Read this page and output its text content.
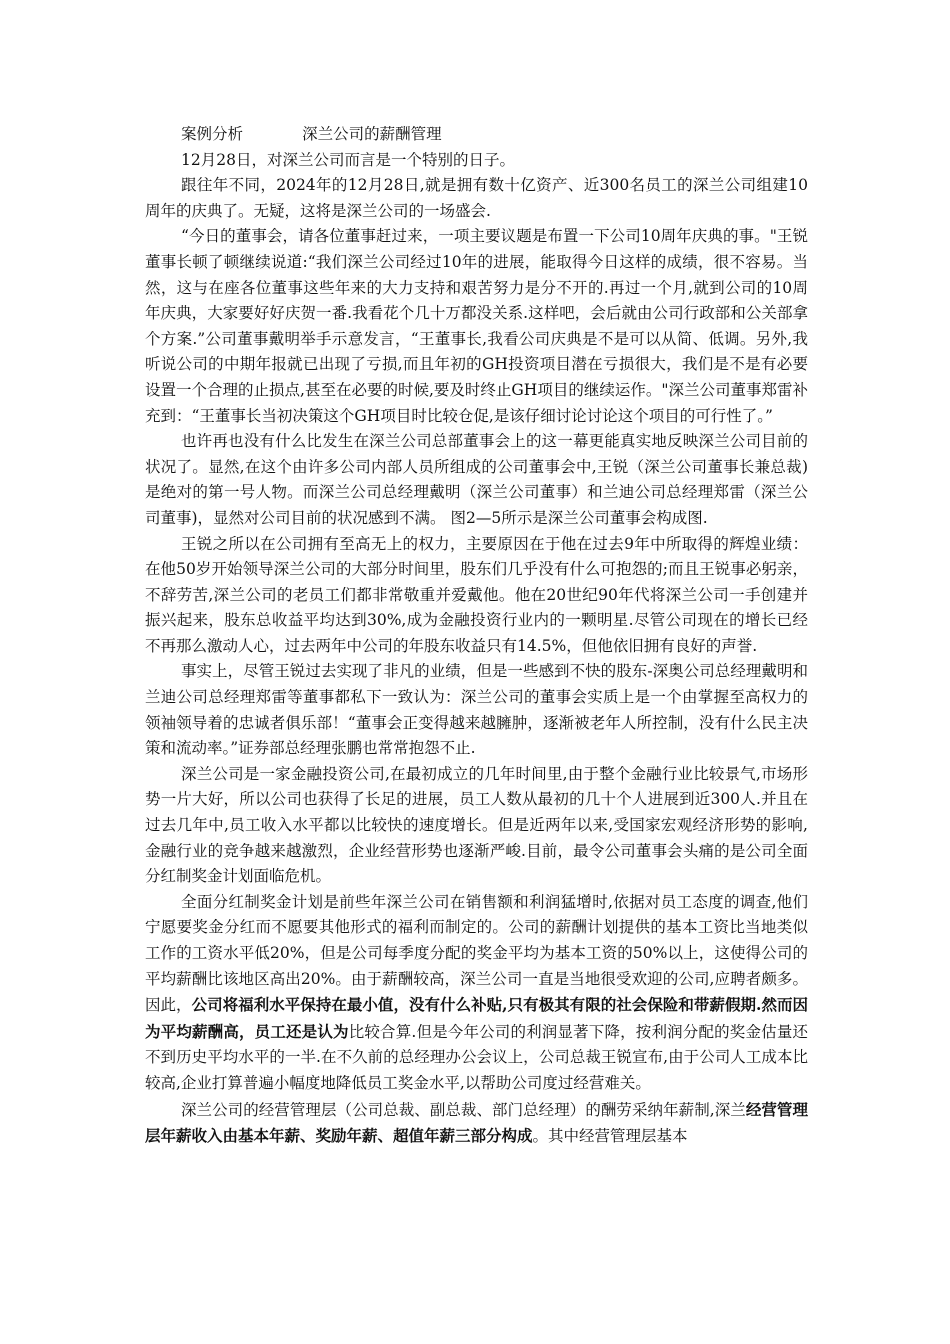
案例分析	深兰公司的薪酬管理

12月28日，对深兰公司而言是一个特别的日子。

跟往年不同，2024年的12月28日,就是拥有数十亿资产、近300名员工的深兰公司组建10周年的庆典了。无疑，这将是深兰公司的一场盛会.

“今日的董事会，请各位董事赶过来，一项主要议题是布置一下公司10周年庆典的事。"王锐董事长顿了顿继续说道:“我们深兰公司经过10年的进展，能取得今日这样的成绩，很不容易。当然，这与在座各位董事这些年来的大力支持和艰苦努力是分不开的.再过一个月,就到公司的10周年庆典，大家要好好庆贺一番.我看花个几十万都没关系.这样吧，会后就由公司行政部和公关部拿个方案.”公司董事戴明举手示意发言，“王董事长,我看公司庆典是不是可以从简、低调。另外,我听说公司的中期年报就已出现了亏损,而且年初的GH投资项目潜在亏损很大，我们是不是有必要设置一个合理的止损点,甚至在必要的时候,要及时终止GH项目的继续运作。"深兰公司董事郑雷补充到：“王董事长当初决策这个GH项目时比较仓促,是该仔细讨论讨论这个项目的可行性了。”

也许再也没有什么比发生在深兰公司总部董事会上的这一幕更能真实地反映深兰公司目前的状况了。显然,在这个由许多公司内部人员所组成的公司董事会中,王锐（深兰公司董事长兼总裁)是绝对的第一号人物。而深兰公司总经理戴明（深兰公司董事）和兰迪公司总经理郑雷（深兰公司董事)，显然对公司目前的状况感到不满。 图2—5所示是深兰公司董事会构成图.

王锐之所以在公司拥有至高无上的权力，主要原因在于他在过去9年中所取得的辉煌业绩：在他50岁开始领导深兰公司的大部分时间里，股东们几乎没有什么可抱怨的;而且王锐事必躬亲，不辞劳苦,深兰公司的老员工们都非常敬重并爱戴他。他在20世纪90年代将深兰公司一手创建并振兴起来，股东总收益平均达到30%,成为金融投资行业内的一颗明星.尽管公司现在的增长已经不再那么激动人心，过去两年中公司的年股东收益只有14.5%，但他依旧拥有良好的声誉.

事实上，尽管王锐过去实现了非凡的业绩，但是一些感到不快的股东-深奥公司总经理戴明和兰迪公司总经理郑雷等董事都私下一致认为：深兰公司的董事会实质上是一个由掌握至高权力的领袖领导着的忠诚者俱乐部！“董事会正变得越来越臃肿，逐渐被老年人所控制，没有什么民主决策和流动率。”证券部总经理张鹏也常常抱怨不止.

深兰公司是一家金融投资公司,在最初成立的几年时间里,由于整个金融行业比较景气,市场形势一片大好，所以公司也获得了长足的进展，员工人数从最初的几十个人进展到近300人.并且在过去几年中,员工收入水平都以比较快的速度增长。但是近两年以来,受国家宏观经济形势的影响,金融行业的竞争越来越激烈，企业经营形势也逐渐严峻.目前，最令公司董事会头痛的是公司全面分红制奖金计划面临危机。

全面分红制奖金计划是前些年深兰公司在销售额和利润猛增时,依据对员工态度的调查,他们宁愿要奖金分红而不愿要其他形式的福利而制定的。公司的薪酬计划提供的基本工资比当地类似工作的工资水平低20%，但是公司每季度分配的奖金平均为基本工资的50%以上，这使得公司的平均薪酬比该地区高出20%。由于薪酬较高，深兰公司一直是当地很受欢迎的公司,应聘者颇多。因此，公司将福利水平保持在最小值，没有什么补贴,只有极其有限的社会保险和带薪假期.然而因为平均薪酬高，员工还是认为比较合算.但是今年公司的利润显著下降，按利润分配的奖金估量还不到历史平均水平的一半.在不久前的总经理办公会议上，公司总裁王锐宣布,由于公司人工成本比较高,企业打算普遍小幅度地降低员工奖金水平,以帮助公司度过经营难关。

深兰公司的经营管理层（公司总裁、副总裁、部门总经理）的酬劳采纳年薪制,深兰经营管理层年薪收入由基本年薪、奖励年薪、超值年薪三部分构成。其中经营管理层基本
